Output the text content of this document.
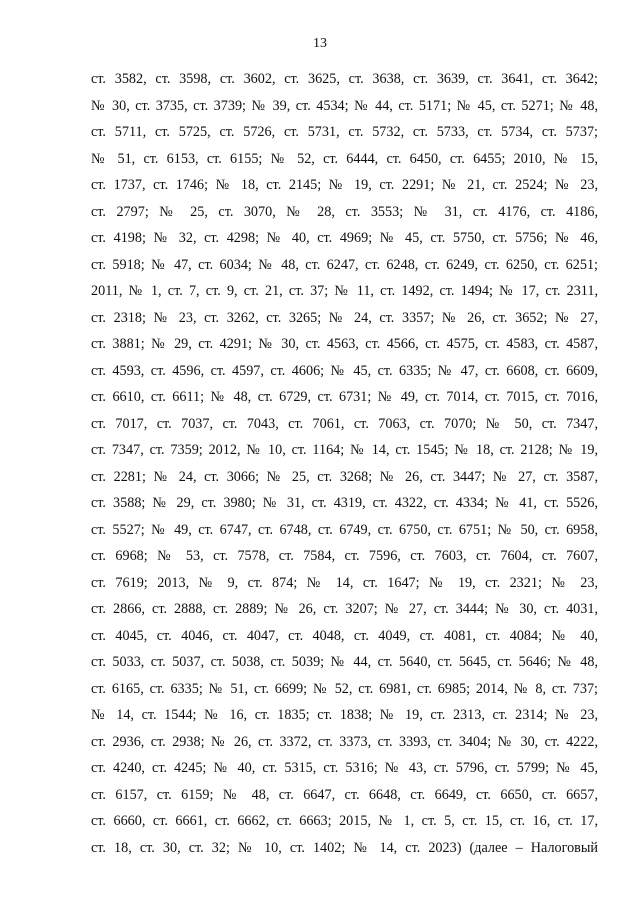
13
ст. 3582, ст. 3598, ст. 3602, ст. 3625, ст. 3638, ст. 3639, ст. 3641, ст. 3642;
№ 30, ст. 3735, ст. 3739; № 39, ст. 4534; № 44, ст. 5171; № 45, ст. 5271; № 48,
ст. 5711, ст. 5725, ст. 5726, ст. 5731, ст. 5732, ст. 5733, ст. 5734, ст. 5737;
№ 51, ст. 6153, ст. 6155; № 52, ст. 6444, ст. 6450, ст. 6455; 2010, № 15,
ст. 1737, ст. 1746; № 18, ст. 2145; № 19, ст. 2291; № 21, ст. 2524; № 23,
ст. 2797; № 25, ст. 3070, № 28, ст. 3553; № 31, ст. 4176, ст. 4186,
ст. 4198; № 32, ст. 4298; № 40, ст. 4969; № 45, ст. 5750, ст. 5756; № 46,
ст. 5918; № 47, ст. 6034; № 48, ст. 6247, ст. 6248, ст. 6249, ст. 6250, ст. 6251;
2011, № 1, ст. 7, ст. 9, ст. 21, ст. 37; № 11, ст. 1492, ст. 1494; № 17, ст. 2311,
ст. 2318; № 23, ст. 3262, ст. 3265; № 24, ст. 3357; № 26, ст. 3652; № 27,
ст. 3881; № 29, ст. 4291; № 30, ст. 4563, ст. 4566, ст. 4575, ст. 4583, ст. 4587,
ст. 4593, ст. 4596, ст. 4597, ст. 4606; № 45, ст. 6335; № 47, ст. 6608, ст. 6609,
ст. 6610, ст. 6611; № 48, ст. 6729, ст. 6731; № 49, ст. 7014, ст. 7015, ст. 7016,
ст. 7017, ст. 7037, ст. 7043, ст. 7061, ст. 7063, ст. 7070; № 50, ст. 7347,
ст. 7347, ст. 7359; 2012, № 10, ст. 1164; № 14, ст. 1545; № 18, ст. 2128; № 19,
ст. 2281; № 24, ст. 3066; № 25, ст. 3268; № 26, ст. 3447; № 27, ст. 3587,
ст. 3588; № 29, ст. 3980; № 31, ст. 4319, ст. 4322, ст. 4334; № 41, ст. 5526,
ст. 5527; № 49, ст. 6747, ст. 6748, ст. 6749, ст. 6750, ст. 6751; № 50, ст. 6958,
ст. 6968; № 53, ст. 7578, ст. 7584, ст. 7596, ст. 7603, ст. 7604, ст. 7607,
ст. 7619; 2013, № 9, ст. 874; № 14, ст. 1647; № 19, ст. 2321; № 23,
ст. 2866, ст. 2888, ст. 2889; № 26, ст. 3207; № 27, ст. 3444; № 30, ст. 4031,
ст. 4045, ст. 4046, ст. 4047, ст. 4048, ст. 4049, ст. 4081, ст. 4084; № 40,
ст. 5033, ст. 5037, ст. 5038, ст. 5039; № 44, ст. 5640, ст. 5645, ст. 5646; № 48,
ст. 6165, ст. 6335; № 51, ст. 6699; № 52, ст. 6981, ст. 6985; 2014, № 8, ст. 737;
№ 14, ст. 1544; № 16, ст. 1835; ст. 1838; № 19, ст. 2313, ст. 2314; № 23,
ст. 2936, ст. 2938; № 26, ст. 3372, ст. 3373, ст. 3393, ст. 3404; № 30, ст. 4222,
ст. 4240, ст. 4245; № 40, ст. 5315, ст. 5316; № 43, ст. 5796, ст. 5799; № 45,
ст. 6157, ст. 6159; № 48, ст. 6647, ст. 6648, ст. 6649, ст. 6650, ст. 6657,
ст. 6660, ст. 6661, ст. 6662, ст. 6663; 2015, № 1, ст. 5, ст. 15, ст. 16, ст. 17,
ст. 18, ст. 30, ст. 32; № 10, ст. 1402; № 14, ст. 2023) (далее – Налоговый
